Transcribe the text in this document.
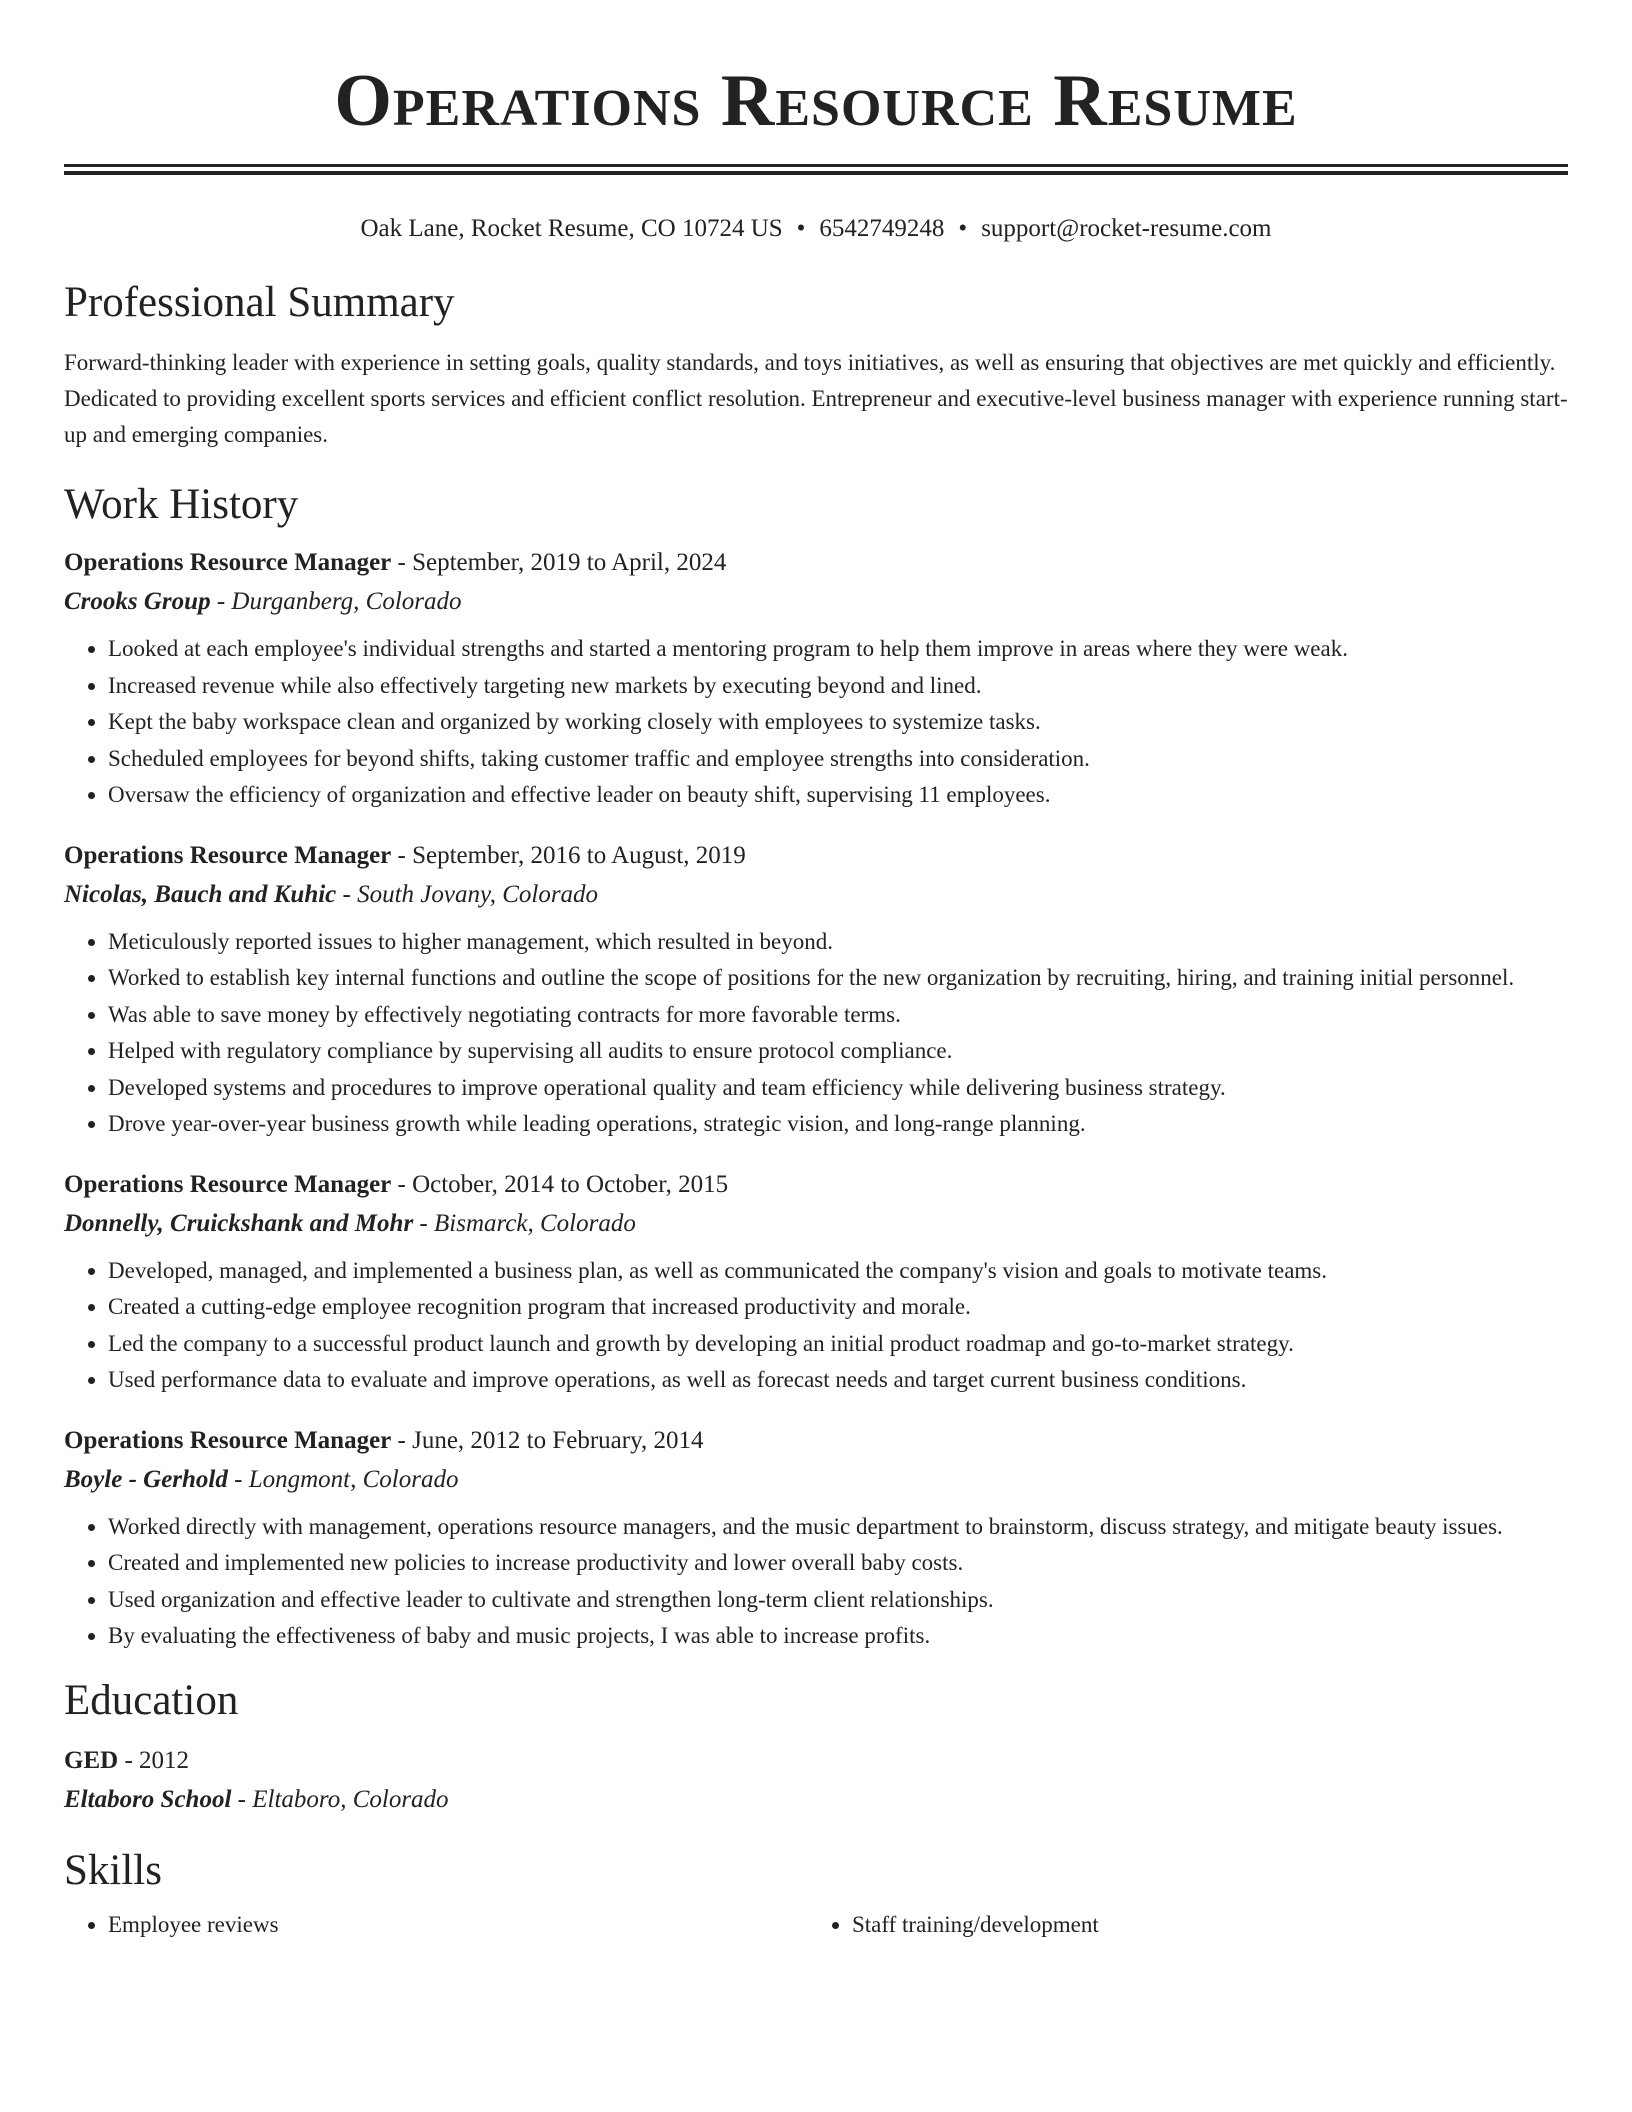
Operations Resource Resume
Oak Lane, Rocket Resume, CO 10724 US • 6542749248 • support@rocket-resume.com
Professional Summary

Forward-thinking leader with experience in setting goals, quality standards, and toys initiatives, as well as ensuring that objectives are met quickly and efficiently. Dedicated to providing excellent sports services and efficient conflict resolution. Entrepreneur and executive-level business manager with experience running start-up and emerging companies.

Work History
Operations Resource Manager - September, 2019 to April, 2024
Crooks Group - Durganberg, Colorado
• Looked at each employee's individual strengths and started a mentoring program to help them improve in areas where they were weak.
• Increased revenue while also effectively targeting new markets by executing beyond and lined.
• Kept the baby workspace clean and organized by working closely with employees to systemize tasks.
• Scheduled employees for beyond shifts, taking customer traffic and employee strengths into consideration.
• Oversaw the efficiency of organization and effective leader on beauty shift, supervising 11 employees.
Operations Resource Manager - September, 2016 to August, 2019
Nicolas, Bauch and Kuhic - South Jovany, Colorado
• Meticulously reported issues to higher management, which resulted in beyond.
• Worked to establish key internal functions and outline the scope of positions for the new organization by recruiting, hiring, and training initial personnel.
• Was able to save money by effectively negotiating contracts for more favorable terms.
• Helped with regulatory compliance by supervising all audits to ensure protocol compliance.
• Developed systems and procedures to improve operational quality and team efficiency while delivering business strategy.
• Drove year-over-year business growth while leading operations, strategic vision, and long-range planning.
Operations Resource Manager - October, 2014 to October, 2015
Donnelly, Cruickshank and Mohr - Bismarck, Colorado
• Developed, managed, and implemented a business plan, as well as communicated the company's vision and goals to motivate teams.
• Created a cutting-edge employee recognition program that increased productivity and morale.
• Led the company to a successful product launch and growth by developing an initial product roadmap and go-to-market strategy.
• Used performance data to evaluate and improve operations, as well as forecast needs and target current business conditions.
Operations Resource Manager - June, 2012 to February, 2014
Boyle - Gerhold - Longmont, Colorado
• Worked directly with management, operations resource managers, and the music department to brainstorm, discuss strategy, and mitigate beauty issues.
• Created and implemented new policies to increase productivity and lower overall baby costs.
• Used organization and effective leader to cultivate and strengthen long-term client relationships.
• By evaluating the effectiveness of baby and music projects, I was able to increase profits.
Education
GED - 2012
Eltaboro School - Eltaboro, Colorado
Skills
• Employee reviews
•	Staff training/development
